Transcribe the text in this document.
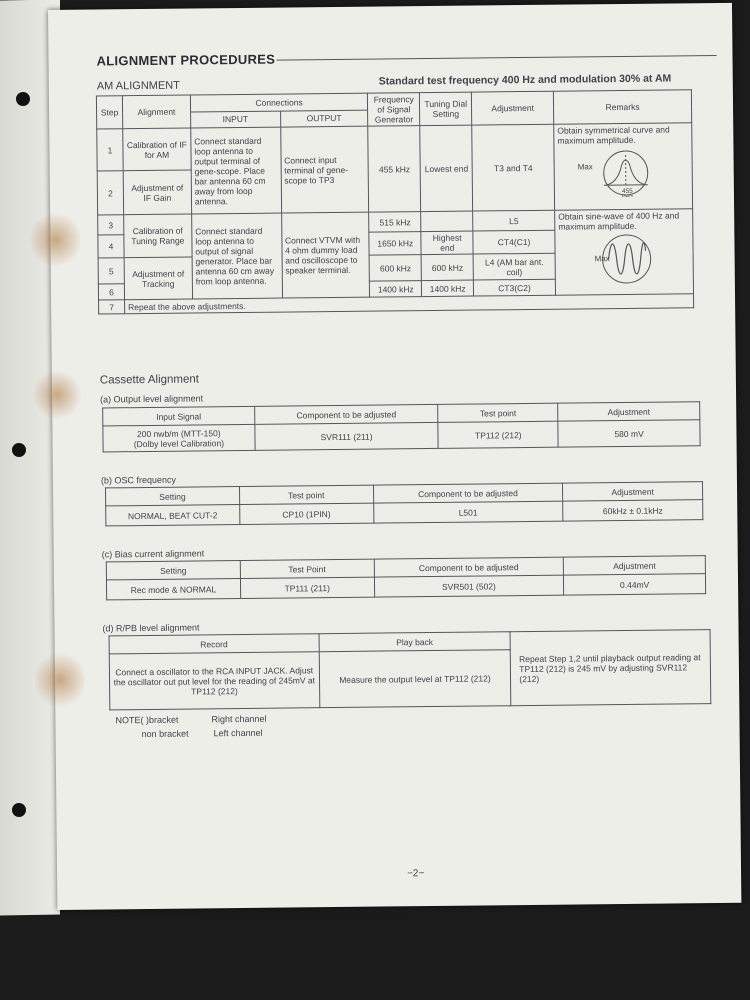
ALIGNMENT PROCEDURES
AM ALIGNMENT	Standard test frequency 400 Hz and modulation 30% at AM
Step	Alignment	Connections		Frequency of Signal Generator	Tuning Dial Setting	Adjustment	Remarks
		INPUT	OUTPUT				
1	Calibration of IF for AM	Connect standard loop antenna to output terminal of gene-scope. Place bar antenna 60 cm away from loop antenna.	Connect input terminal of gene-scope to TP3	455 kHz	Lowest end	T3 and T4	Obtain symmetrical curve and maximum amplitude.
Max
455
kHz

2	Adjustment of IF Gain						
3	Calibration of Tuning Range	Connect standard loop antenna to output of signal generator. Place bar antenna 60 cm away from loop antenna.	Connect VTVM with 4 ohm dummy load and oscilloscope to speaker terminal.	515 kHz		L5	Obtain sine-wave of 400 Hz and maximum amplitude.
Max

4				1650 kHz	Highest end	CT4(C1)	
5	Adjustment of Tracking			600 kHz	600 kHz	L4 (AM bar ant. coil)	
6				1400 kHz	1400 kHz	CT3(C2)	
7	Repeat the above adjustments.						
Cassette Alignment
(a) Output level alignment
Input Signal	Component to be adjusted	Test point	Adjustment

200 nwb/m (MTT-150)
(Dolby level Calibration)	SVR111 (211)	TP112 (212)	580 mV
(b) OSC frequency
Setting	Test point	Component to be adjusted	Adjustment
NORMAL, BEAT CUT-2	CP10 (1PIN)	L501	60kHz ± 0.1kHz
(c) Bias current alignment
Setting	Test Point	Component to be adjusted	Adjustment
Rec mode & NORMAL	TP111 (211)	SVR501 (502)	0.44mV
(d) R/PB level alignment
Record	Play back	Repeat Step 1,2 until playback output reading at TP112 (212) is 245 mV by adjusting SVR112 (212)
Connect a oscillator to the RCA INPUT JACK. Adjust the oscillator out put level for the reading of 245mV at TP112 (212)	Measure the output level at TP112 (212)	
NOTE( )bracket	Right channel
non bracket	Left channel
−2−
